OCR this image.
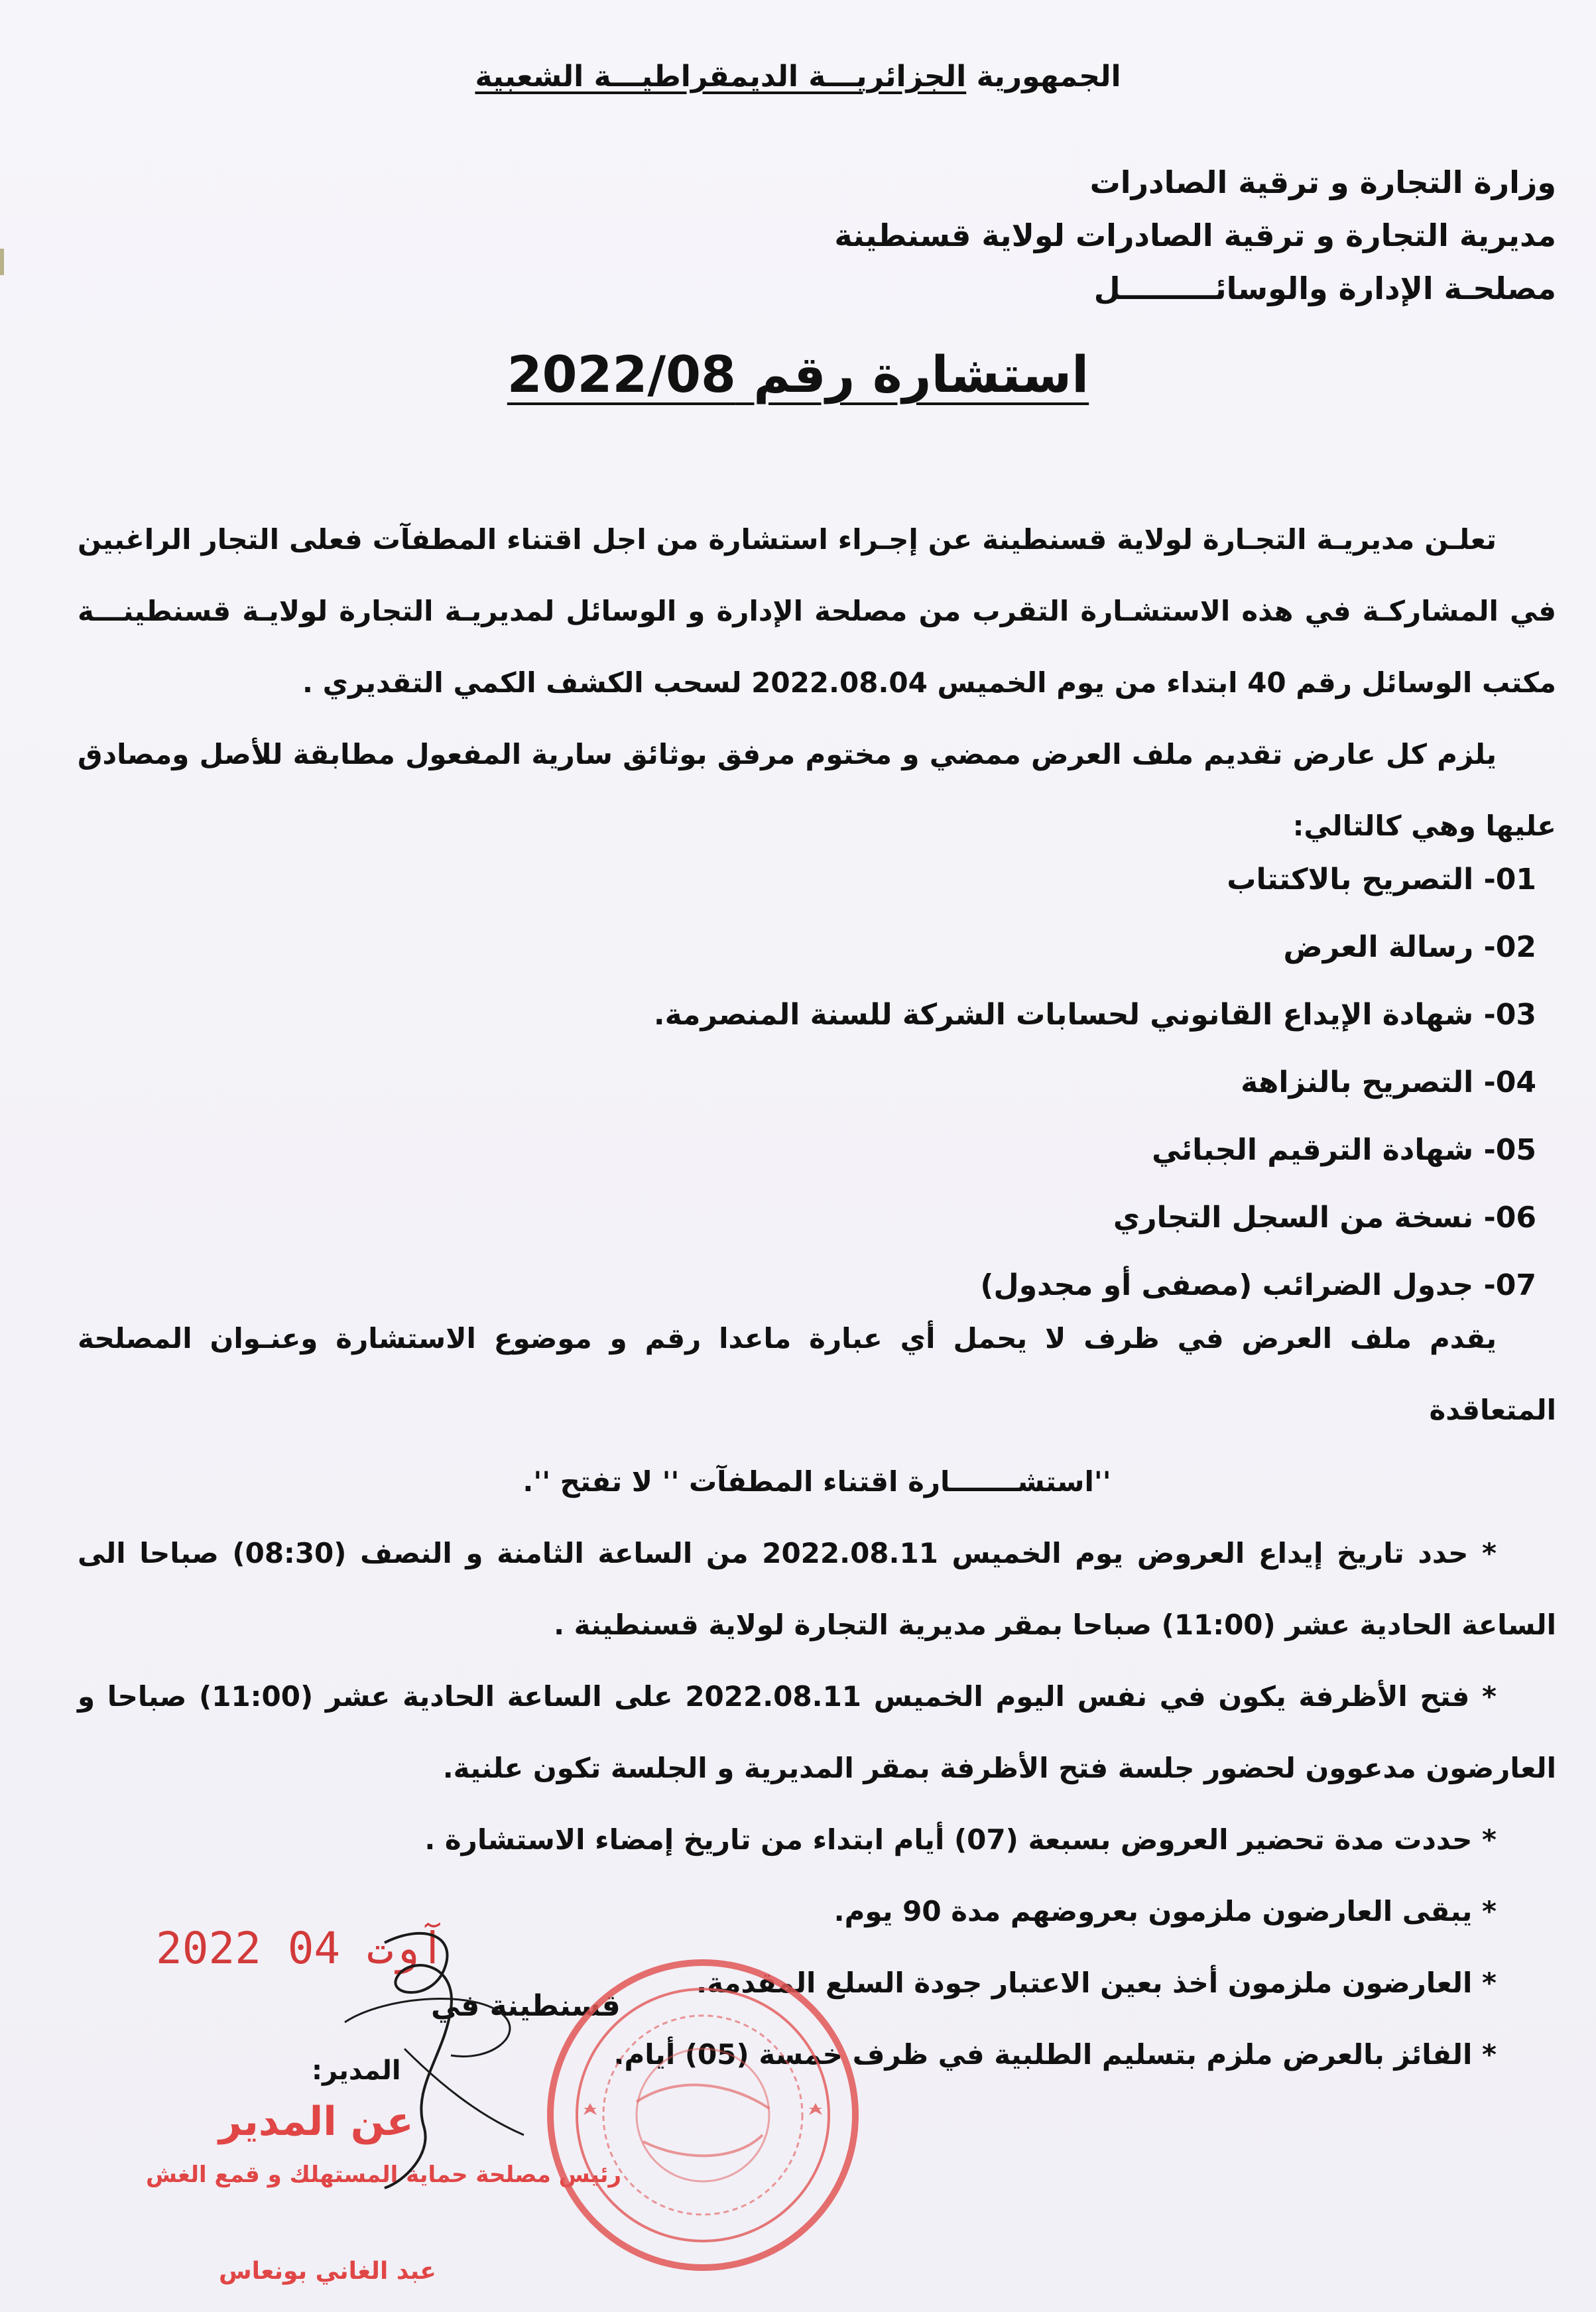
الجمهورية الجزائريـــة الديمقراطيـــة الشعبية
وزارة التجارة و ترقية الصادرات
مديرية التجارة و ترقية الصادرات لولاية قسنطينة
مصلحـة الإدارة والوسائـــــــــل
استشارة رقم 2022/08

تعلـن مديريـة التجـارة لولاية قسنطينة عن إجـراء استشارة من اجل اقتناء المطفآت فعلى التجار الراغبين في المشاركـة في هذه الاستشـارة التقرب من مصلحة الإدارة و الوسائل لمديريـة التجارة لولايـة قسنطينـــة مكتب الوسائل رقم 40 ابتداء من يوم الخميس 2022.08.04 لسحب الكشف الكمي التقديري .

يلزم كل عارض تقديم ملف العرض ممضي و مختوم مرفق بوثائق سارية المفعول مطابقة للأصل ومصادق عليها وهي كالتالي:

01- التصريح بالاكتتاب
02- رسالة العرض
03- شهادة الإيداع القانوني لحسابات الشركة للسنة المنصرمة.
04- التصريح بالنزاهة
05- شهادة الترقيم الجبائي
06- نسخة من السجل التجاري
07- جدول الضرائب (مصفى أو مجدول)

يقدم ملف العرض في ظرف لا يحمل أي عبارة ماعدا رقم و موضوع الاستشارة وعنـوان المصلحة المتعاقدة

''استشـــــــارة اقتناء المطفآت '' لا تفتح ''.

* حدد تاريخ إيداع العروض يوم الخميس 2022.08.11 من الساعة الثامنة و النصف (08:30) صباحا الى الساعة الحادية عشر (11:00) صباحا بمقر مديرية التجارة لولاية قسنطينة .

* فتح الأظرفة يكون في نفس اليوم الخميس 2022.08.11 على الساعة الحادية عشر (11:00) صباحا و العارضون مدعوون لحضور جلسة فتح الأظرفة بمقر المديرية و الجلسة تكون علنية.

* حددت مدة تحضير العروض بسبعة (07) أيام ابتداء من تاريخ إمضاء الاستشارة .

* يبقى العارضون ملزمون بعروضهم مدة 90 يوم.

* العارضون ملزمون أخذ بعين الاعتبار جودة السلع المقدمة.

* الفائز بالعرض ملزم بتسليم الطلبية في ظرف خمسة (05) أيام.

2022 آوت 04
قسنطينة في
المدير:
عن المدير
رئيس مصلحة حماية المستهلك و قمع الغش
عبد الغاني بونعاس
